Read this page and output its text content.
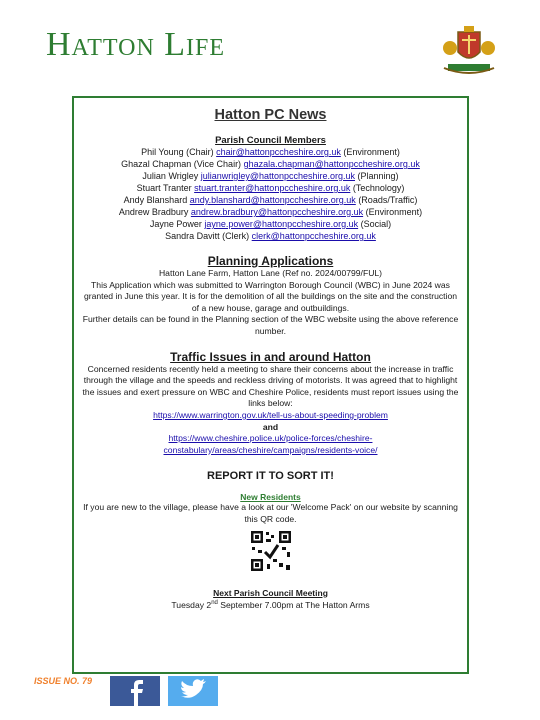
Hatton Life
Hatton PC News
Parish Council Members
Phil Young (Chair) chair@hattonpccheshire.org.uk (Environment)
Ghazal Chapman (Vice Chair) ghazala.chapman@hattonpccheshire.org.uk
Julian Wrigley julianwrigley@hattonpccheshire.org.uk (Planning)
Stuart Tranter stuart.tranter@hattonpccheshire.org.uk (Technology)
Andy Blanshard andy.blanshard@hattonpccheshire.org.uk (Roads/Traffic)
Andrew Bradbury andrew.bradbury@hattonpccheshire.org.uk (Environment)
Jayne Power jayne.power@hattonpccheshire.org.uk (Social)
Sandra Davitt (Clerk) clerk@hattonpccheshire.org.uk
Planning Applications
Hatton Lane Farm, Hatton Lane (Ref no. 2024/00799/FUL)
This Application which was submitted to Warrington Borough Council (WBC) in June 2024 was granted in June this year. It is for the demolition of all the buildings on the site and the construction of a new house, garage and outbuildings.
Further details can be found in the Planning section of the WBC website using the above reference number.
Traffic Issues in and around Hatton
Concerned residents recently held a meeting to share their concerns about the increase in traffic through the village and the speeds and reckless driving of motorists. It was agreed that to highlight the issues and exert pressure on WBC and Cheshire Police, residents must report issues using the links below:
https://www.warrington.gov.uk/tell-us-about-speeding-problem
and
https://www.cheshire.police.uk/police-forces/cheshire-
constabulary/areas/cheshire/campaigns/residents-voice/
REPORT IT TO SORT IT!
New Residents
If you are new to the village, please have a look at our 'Welcome Pack' on our website by scanning this QR code.
Next Parish Council Meeting
Tuesday 2nd September 7.00pm at The Hatton Arms
ISSUE NO. 79
